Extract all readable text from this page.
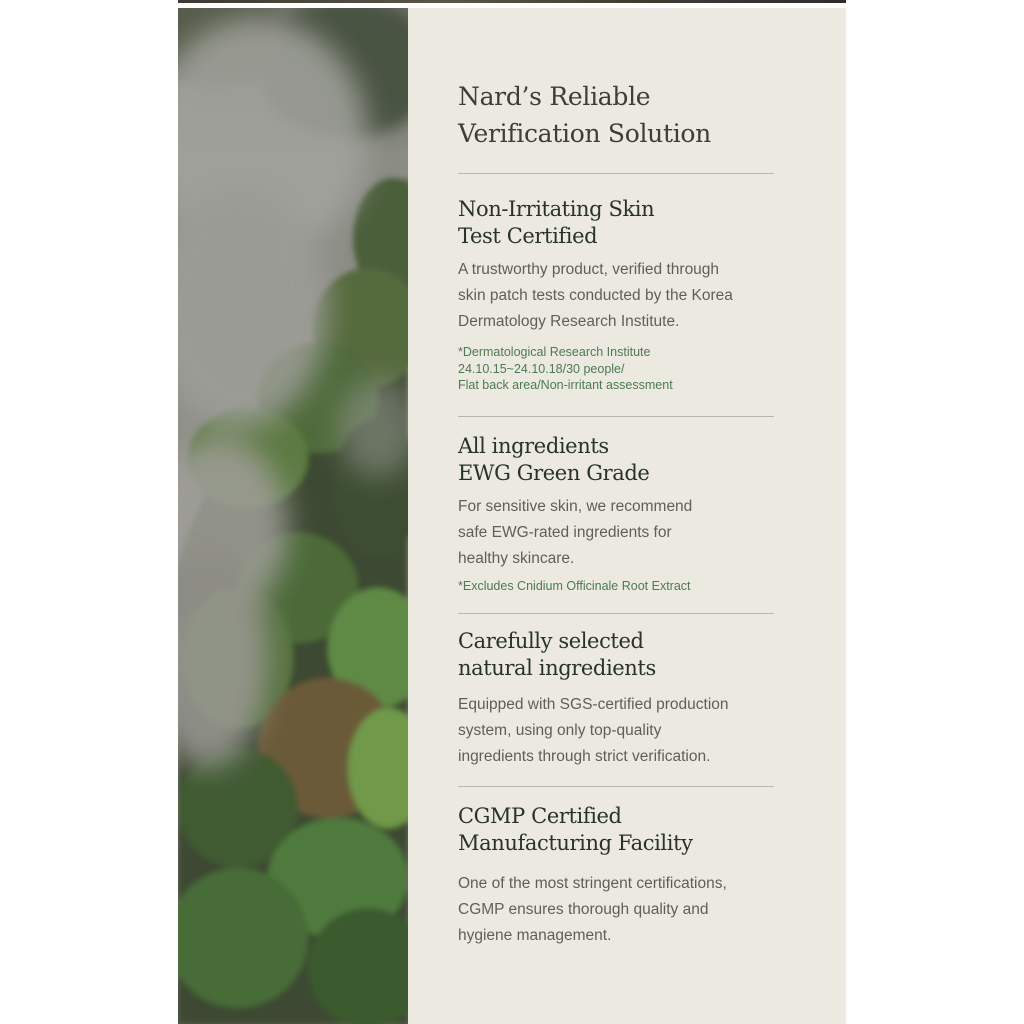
Nard’s Reliable
Verification Solution
Non-Irritating Skin
Test Certified

A trustworthy product, verified through
skin patch tests conducted by the Korea
Dermatology Research Institute.

*Dermatological Research Institute
24.10.15~24.10.18/30 people/
Flat back area/Non-irritant assessment

All ingredients
EWG Green Grade

For sensitive skin, we recommend
safe EWG-rated ingredients for
healthy skincare.

*Excludes Cnidium Officinale Root Extract

Carefully selected
natural ingredients

Equipped with SGS-certified production
system, using only top-quality
ingredients through strict verification.

CGMP Certified
Manufacturing Facility

One of the most stringent certifications,
CGMP ensures thorough quality and
hygiene management.
